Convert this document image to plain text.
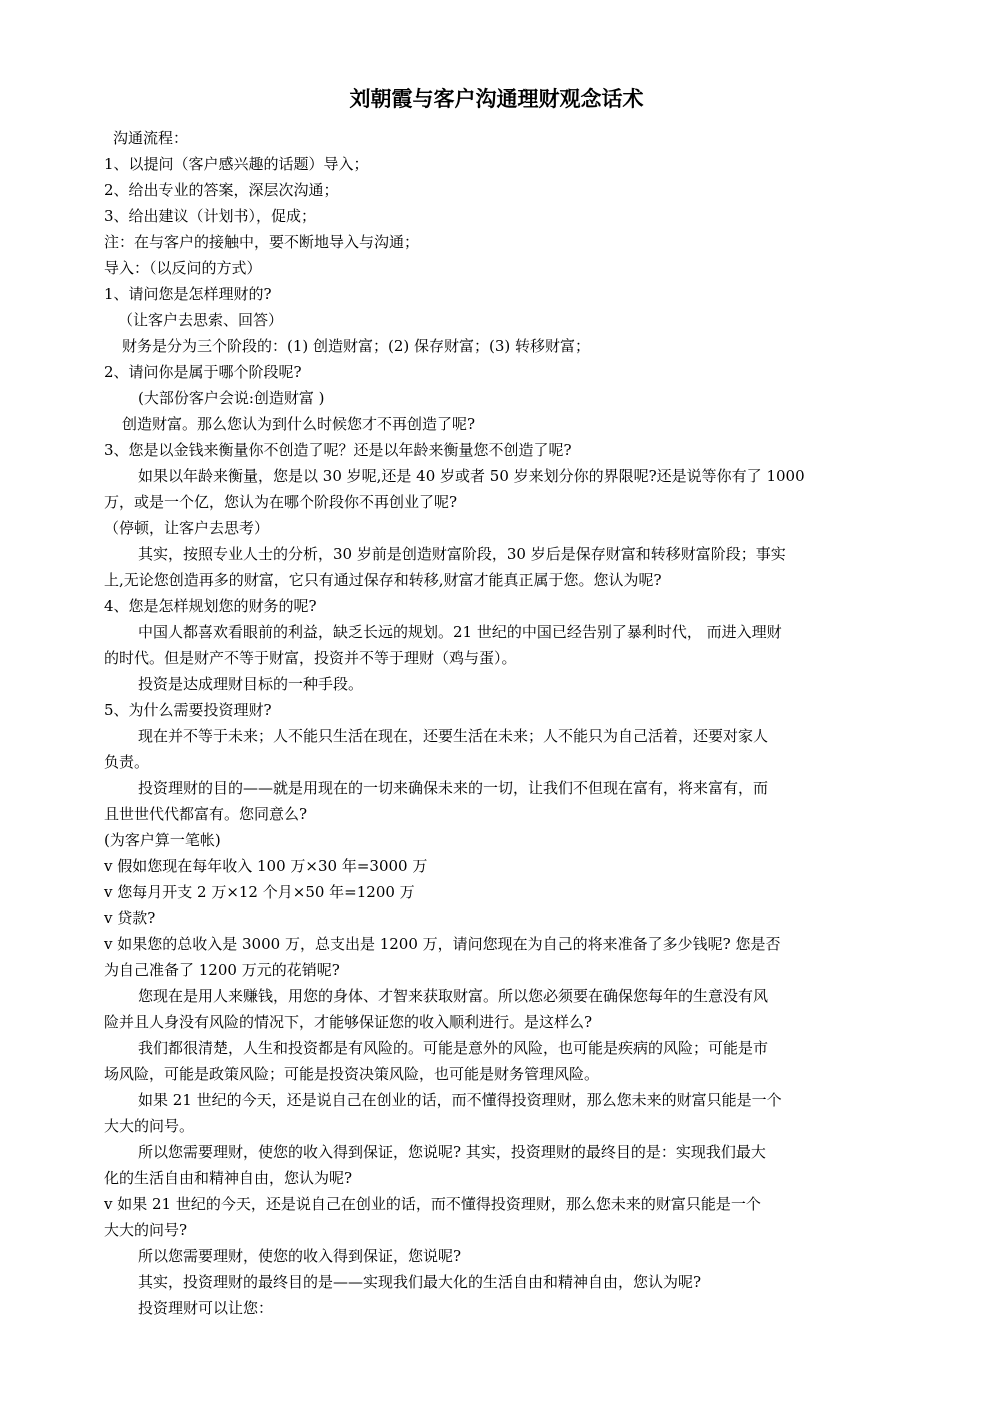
刘朝霞与客户沟通理财观念话术
沟通流程：
1、以提问（客户感兴趣的话题）导入；
2、给出专业的答案，深层次沟通；
3、给出建议（计划书），促成；
注：在与客户的接触中，要不断地导入与沟通；
导入：（以反问的方式）
1、请问您是怎样理财的?
（让客户去思索、回答）
财务是分为三个阶段的：(1) 创造财富；(2) 保存财富；(3) 转移财富；
2、请问你是属于哪个阶段呢?
(大部份客户会说:创造财富 )
创造财富。那么您认为到什么时候您才不再创造了呢?
3、您是以金钱来衡量你不创造了呢？还是以年龄来衡量您不创造了呢?
如果以年龄来衡量，您是以 30 岁呢,还是 40 岁或者 50 岁来划分你的界限呢?还是说等你有了 1000
万，或是一个亿，您认为在哪个阶段你不再创业了呢?
（停顿，让客户去思考）
其实，按照专业人士的分析，30 岁前是创造财富阶段，30 岁后是保存财富和转移财富阶段；事实
上,无论您创造再多的财富，它只有通过保存和转移,财富才能真正属于您。您认为呢?
4、您是怎样规划您的财务的呢?
中国人都喜欢看眼前的利益，缺乏长远的规划。21 世纪的中国已经告别了暴利时代， 而进入理财
的时代。但是财产不等于财富，投资并不等于理财（鸡与蛋）。
投资是达成理财目标的一种手段。
5、为什么需要投资理财?
现在并不等于未来；人不能只生活在现在，还要生活在未来；人不能只为自己活着，还要对家人
负责。
投资理财的目的——就是用现在的一切来确保未来的一切，让我们不但现在富有，将来富有，而
且世世代代都富有。您同意么?
(为客户算一笔帐)
v 假如您现在每年收入 100 万×30 年=3000 万
v 您每月开支 2 万×12 个月×50 年=1200 万
v 贷款?
v 如果您的总收入是 3000 万，总支出是 1200 万，请问您现在为自己的将来准备了多少钱呢? 您是否
为自己准备了 1200 万元的花销呢?
您现在是用人来赚钱，用您的身体、才智来获取财富。所以您必须要在确保您每年的生意没有风
险并且人身没有风险的情况下，才能够保证您的收入顺利进行。是这样么?
我们都很清楚，人生和投资都是有风险的。可能是意外的风险，也可能是疾病的风险；可能是市
场风险，可能是政策风险；可能是投资决策风险，也可能是财务管理风险。
如果 21 世纪的今天，还是说自己在创业的话，而不懂得投资理财，那么您未来的财富只能是一个
大大的问号。
所以您需要理财，使您的收入得到保证，您说呢? 其实，投资理财的最终目的是：实现我们最大
化的生活自由和精神自由，您认为呢?
v 如果 21 世纪的今天，还是说自己在创业的话，而不懂得投资理财，那么您未来的财富只能是一个
大大的问号?
所以您需要理财，使您的收入得到保证，您说呢?
其实，投资理财的最终目的是——实现我们最大化的生活自由和精神自由，您认为呢?
投资理财可以让您：
